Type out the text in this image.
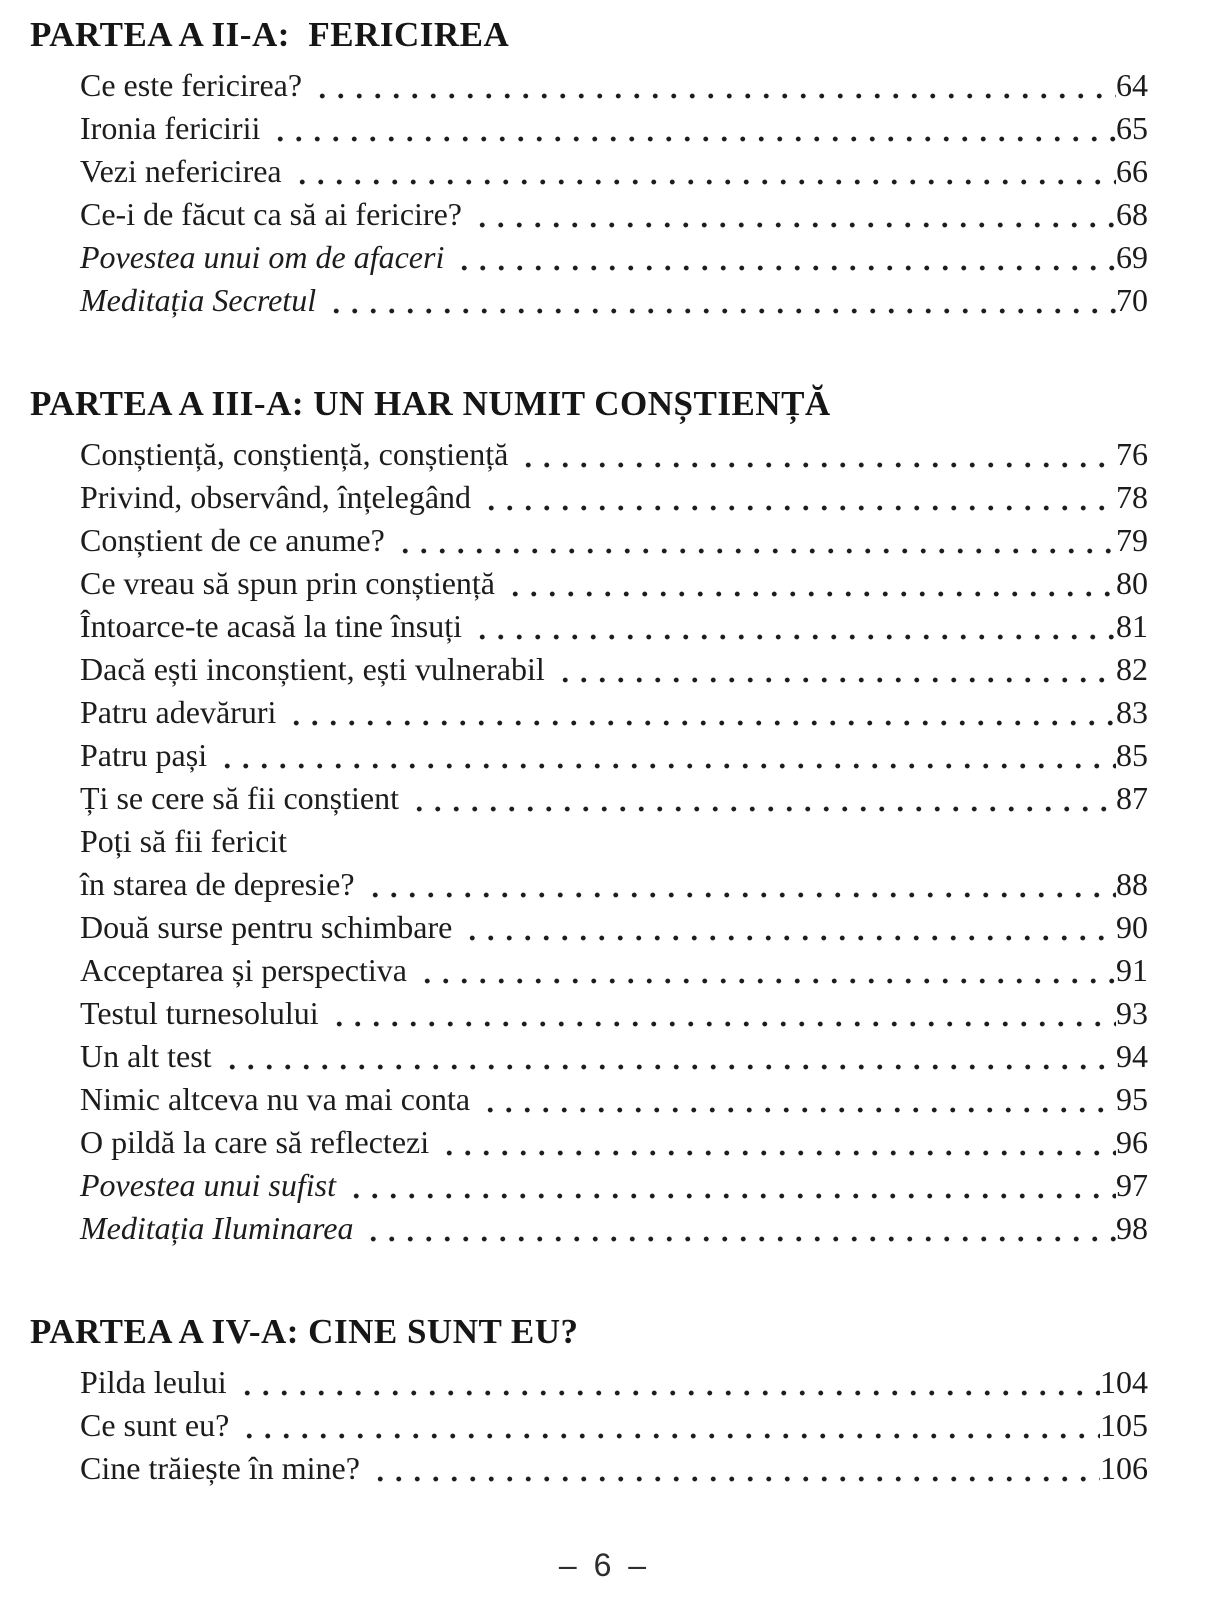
PARTEA A II-A:  FERICIREA
Ce este fericirea?	64
Ironia fericirii	65
Vezi nefericirea	66
Ce-i de făcut ca să ai fericire?	68
Povestea unui om de afaceri	69
Meditația Secretul	70
PARTEA A III-A: UN HAR NUMIT CONȘTIENȚĂ
Conștiență, conștiență, conștiență	76
Privind, observând, înțelegând	78
Conștient de ce anume?	79
Ce vreau să spun prin conștiență	80
Întoarce-te acasă la tine însuți	81
Dacă ești inconștient, ești vulnerabil	82
Patru adevăruri	83
Patru pași	85
Ți se cere să fii conștient	87
Poți să fii fericit
în starea de depresie?	88
Două surse pentru schimbare	90
Acceptarea și perspectiva	91
Testul turnesolului	93
Un alt test	94
Nimic altceva nu va mai conta	95
O pildă la care să reflectezi	96
Povestea unui sufist	97
Meditația Iluminarea	98
PARTEA A IV-A: CINE SUNT EU?
Pilda leului	104
Ce sunt eu?	105
Cine trăiește în mine?	106
– 6 –
